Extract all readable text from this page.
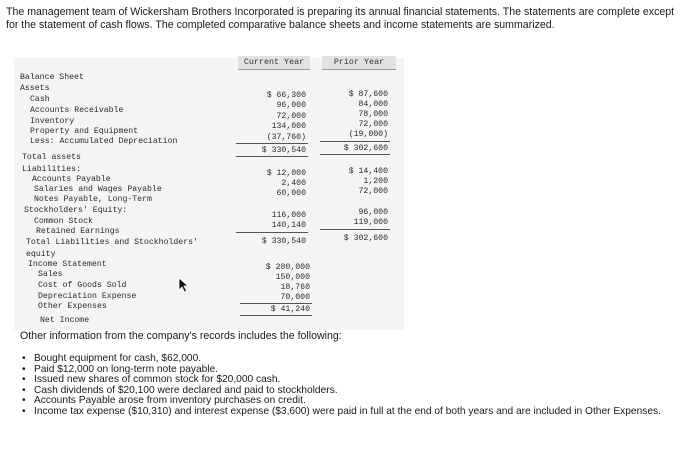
The management team of Wickersham Brothers Incorporated is preparing its annual financial statements. The statements are complete except for the statement of cash flows. The completed comparative balance sheets and income statements are summarized.
Current Year	Prior Year
Balance Sheet
Assets
Cash
Accounts Receivable
Inventory
Property and Equipment
Less: Accumulated Depreciation
Total assets
Liabilities:
Accounts Payable
Salaries and Wages Payable
Notes Payable, Long-Term
Stockholders' Equity:
Common Stock
Retained Earnings
Total Liabilities and Stockholders'
equity
Income Statement
Sales
Cost of Goods Sold
Depreciation Expense
Other Expenses
Net Income
$ 66,300
96,000
72,000
134,000
(37,760)
$ 330,540
$ 12,000
2,400
60,000
116,000
140,140
$ 330,540
$ 280,000
150,000
18,760
70,000
$ 41,240
$ 87,600
84,000
78,000
72,000
(19,000)
$ 302,600
$ 14,400
1,200
72,000
96,000
119,000
$ 302,600
Other information from the company's records includes the following:
• Bought equipment for cash, $62,000.
• Paid $12,000 on long-term note payable.
• Issued new shares of common stock for $20,000 cash.
• Cash dividends of $20,100 were declared and paid to stockholders.
• Accounts Payable arose from inventory purchases on credit.
• Income tax expense ($10,310) and interest expense ($3,600) were paid in full at the end of both years and are included in Other Expenses.
